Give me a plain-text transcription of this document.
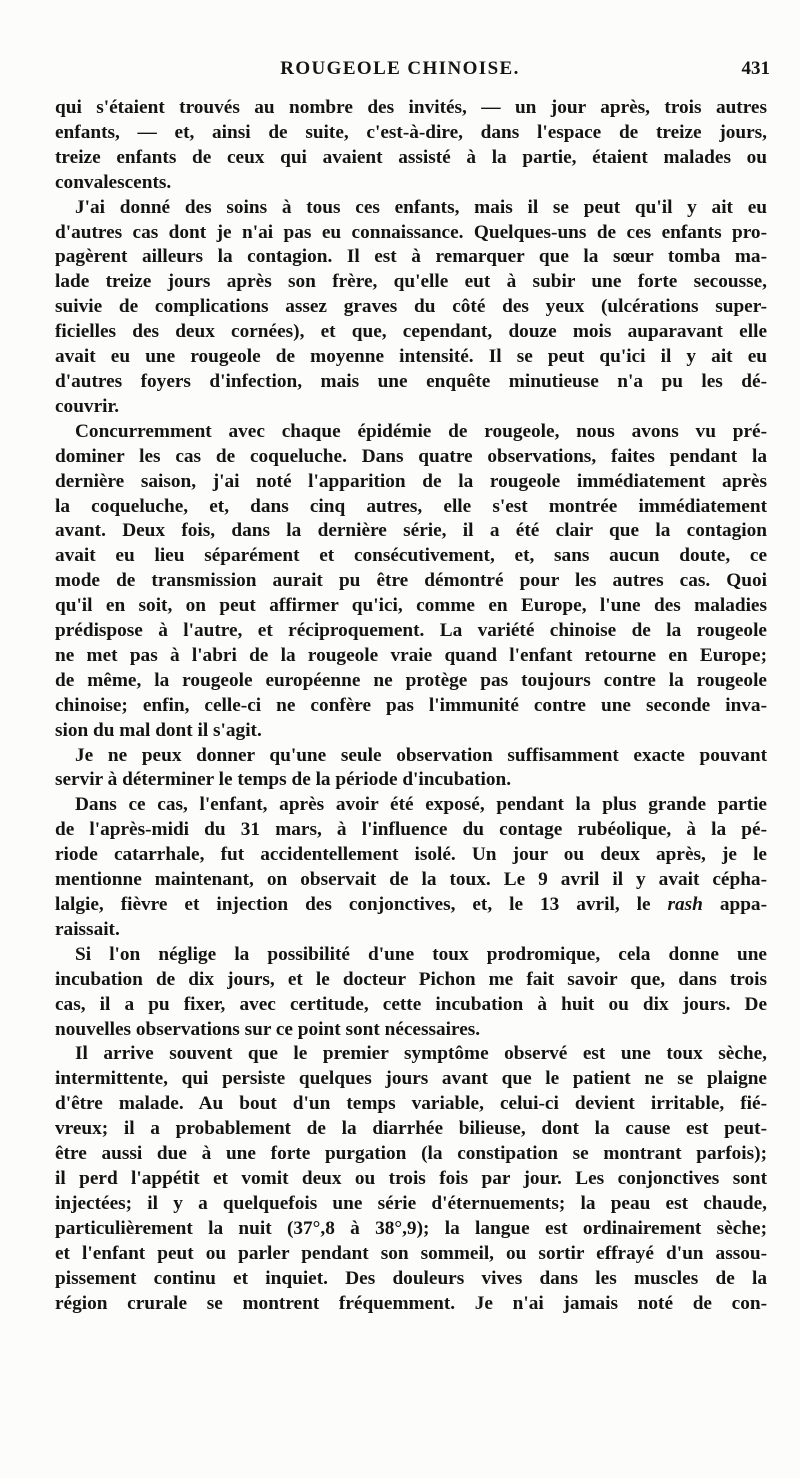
ROUGEOLE CHINOISE.	431
qui s'étaient trouvés au nombre des invités, — un jour après, trois autres
enfants, — et, ainsi de suite, c'est-à-dire, dans l'espace de treize jours,
treize enfants de ceux qui avaient assisté à la partie, étaient malades ou
convalescents.
J'ai donné des soins à tous ces enfants, mais il se peut qu'il y ait eu
d'autres cas dont je n'ai pas eu connaissance. Quelques-uns de ces enfants pro-
pagèrent ailleurs la contagion. Il est à remarquer que la sœur tomba ma-
lade treize jours après son frère, qu'elle eut à subir une forte secousse,
suivie de complications assez graves du côté des yeux (ulcérations super-
ficielles des deux cornées), et que, cependant, douze mois auparavant elle
avait eu une rougeole de moyenne intensité. Il se peut qu'ici il y ait eu
d'autres foyers d'infection, mais une enquête minutieuse n'a pu les dé-
couvrir.
Concurremment avec chaque épidémie de rougeole, nous avons vu pré-
dominer les cas de coqueluche. Dans quatre observations, faites pendant la
dernière saison, j'ai noté l'apparition de la rougeole immédiatement après
la coqueluche, et, dans cinq autres, elle s'est montrée immédiatement
avant. Deux fois, dans la dernière série, il a été clair que la contagion
avait eu lieu séparément et consécutivement, et, sans aucun doute, ce
mode de transmission aurait pu être démontré pour les autres cas. Quoi
qu'il en soit, on peut affirmer qu'ici, comme en Europe, l'une des maladies
prédispose à l'autre, et réciproquement. La variété chinoise de la rougeole
ne met pas à l'abri de la rougeole vraie quand l'enfant retourne en Europe;
de même, la rougeole européenne ne protège pas toujours contre la rougeole
chinoise; enfin, celle-ci ne confère pas l'immunité contre une seconde inva-
sion du mal dont il s'agit.
Je ne peux donner qu'une seule observation suffisamment exacte pouvant
servir à déterminer le temps de la période d'incubation.
Dans ce cas, l'enfant, après avoir été exposé, pendant la plus grande partie
de l'après-midi du 31 mars, à l'influence du contage rubéolique, à la pé-
riode catarrhale, fut accidentellement isolé. Un jour ou deux après, je le
mentionne maintenant, on observait de la toux. Le 9 avril il y avait cépha-
lalgie, fièvre et injection des conjonctives, et, le 13 avril, le rash appa-
raissait.
Si l'on néglige la possibilité d'une toux prodromique, cela donne une
incubation de dix jours, et le docteur Pichon me fait savoir que, dans trois
cas, il a pu fixer, avec certitude, cette incubation à huit ou dix jours. De
nouvelles observations sur ce point sont nécessaires.
Il arrive souvent que le premier symptôme observé est une toux sèche,
intermittente, qui persiste quelques jours avant que le patient ne se plaigne
d'être malade. Au bout d'un temps variable, celui-ci devient irritable, fié-
vreux; il a probablement de la diarrhée bilieuse, dont la cause est peut-
être aussi due à une forte purgation (la constipation se montrant parfois);
il perd l'appétit et vomit deux ou trois fois par jour. Les conjonctives sont
injectées; il y a quelquefois une série d'éternuements; la peau est chaude,
particulièrement la nuit (37°,8 à 38°,9); la langue est ordinairement sèche;
et l'enfant peut ou parler pendant son sommeil, ou sortir effrayé d'un assou-
pissement continu et inquiet. Des douleurs vives dans les muscles de la
région crurale se montrent fréquemment. Je n'ai jamais noté de con-
